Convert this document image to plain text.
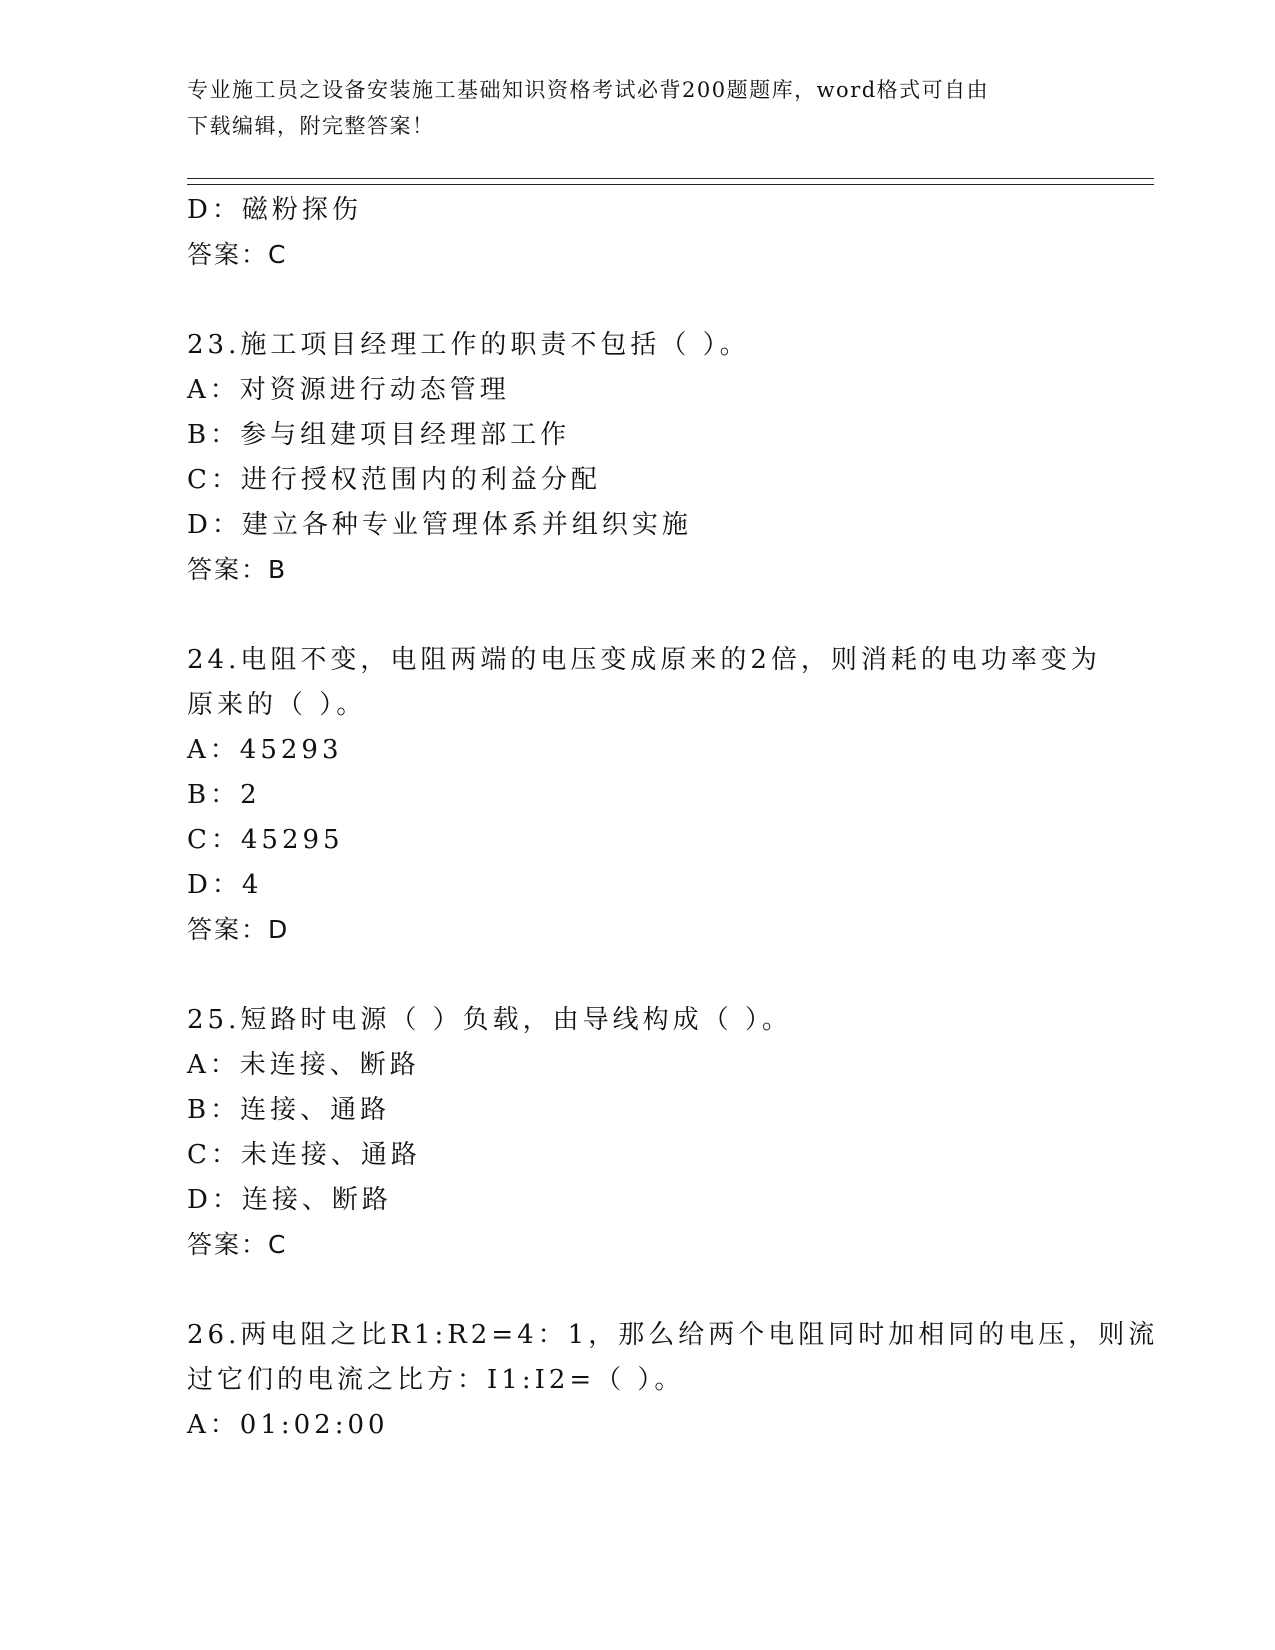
专业施工员之设备安装施工基础知识资格考试必背200题题库，word格式可自由
下载编辑，附完整答案！
D：磁粉探伤
答案：C
23.施工项目经理工作的职责不包括（ ）。
A：对资源进行动态管理
B：参与组建项目经理部工作
C：进行授权范围内的利益分配
D：建立各种专业管理体系并组织实施
答案：B
24.电阻不变，电阻两端的电压变成原来的2倍，则消耗的电功率变为
原来的（ ）。
A：45293
B：2
C：45295
D：4
答案：D
25.短路时电源（ ）负载，由导线构成（ ）。
A：未连接、断路
B：连接、通路
C：未连接、通路
D：连接、断路
答案：C
26.两电阻之比R1:R2=4：1，那么给两个电阻同时加相同的电压，则流
过它们的电流之比方：I1:I2=（ ）。
A：01:02:00
